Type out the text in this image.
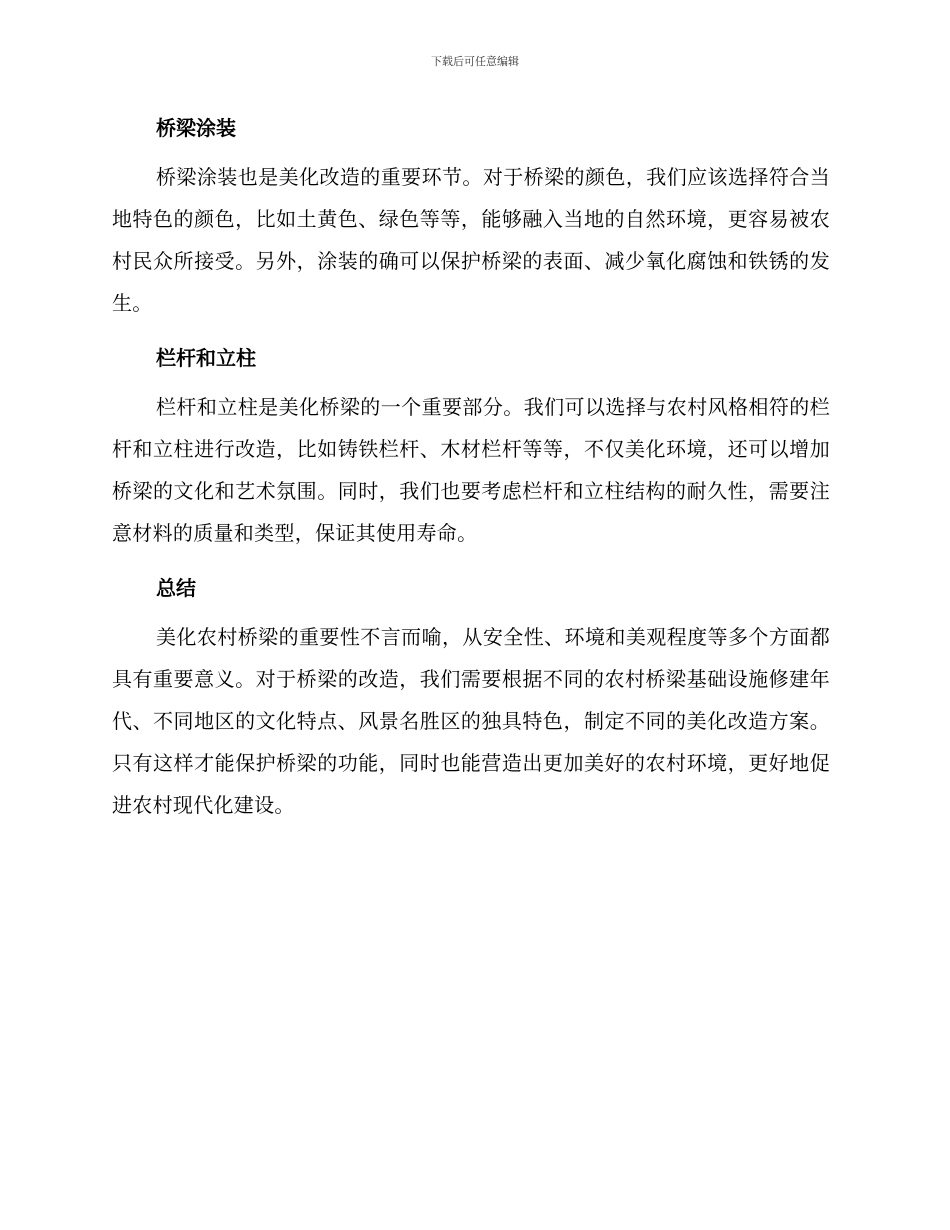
下载后可任意编辑
桥梁涂装

桥梁涂装也是美化改造的重要环节。对于桥梁的颜色，我们应该选择符合当地特色的颜色，比如土黄色、绿色等等，能够融入当地的自然环境，更容易被农村民众所接受。另外，涂装的确可以保护桥梁的表面、减少氧化腐蚀和铁锈的发生。

栏杆和立柱

栏杆和立柱是美化桥梁的一个重要部分。我们可以选择与农村风格相符的栏杆和立柱进行改造，比如铸铁栏杆、木材栏杆等等，不仅美化环境，还可以增加桥梁的文化和艺术氛围。同时，我们也要考虑栏杆和立柱结构的耐久性，需要注意材料的质量和类型，保证其使用寿命。

总结

美化农村桥梁的重要性不言而喻，从安全性、环境和美观程度等多个方面都具有重要意义。对于桥梁的改造，我们需要根据不同的农村桥梁基础设施修建年代、不同地区的文化特点、风景名胜区的独具特色，制定不同的美化改造方案。只有这样才能保护桥梁的功能，同时也能营造出更加美好的农村环境，更好地促进农村现代化建设。
